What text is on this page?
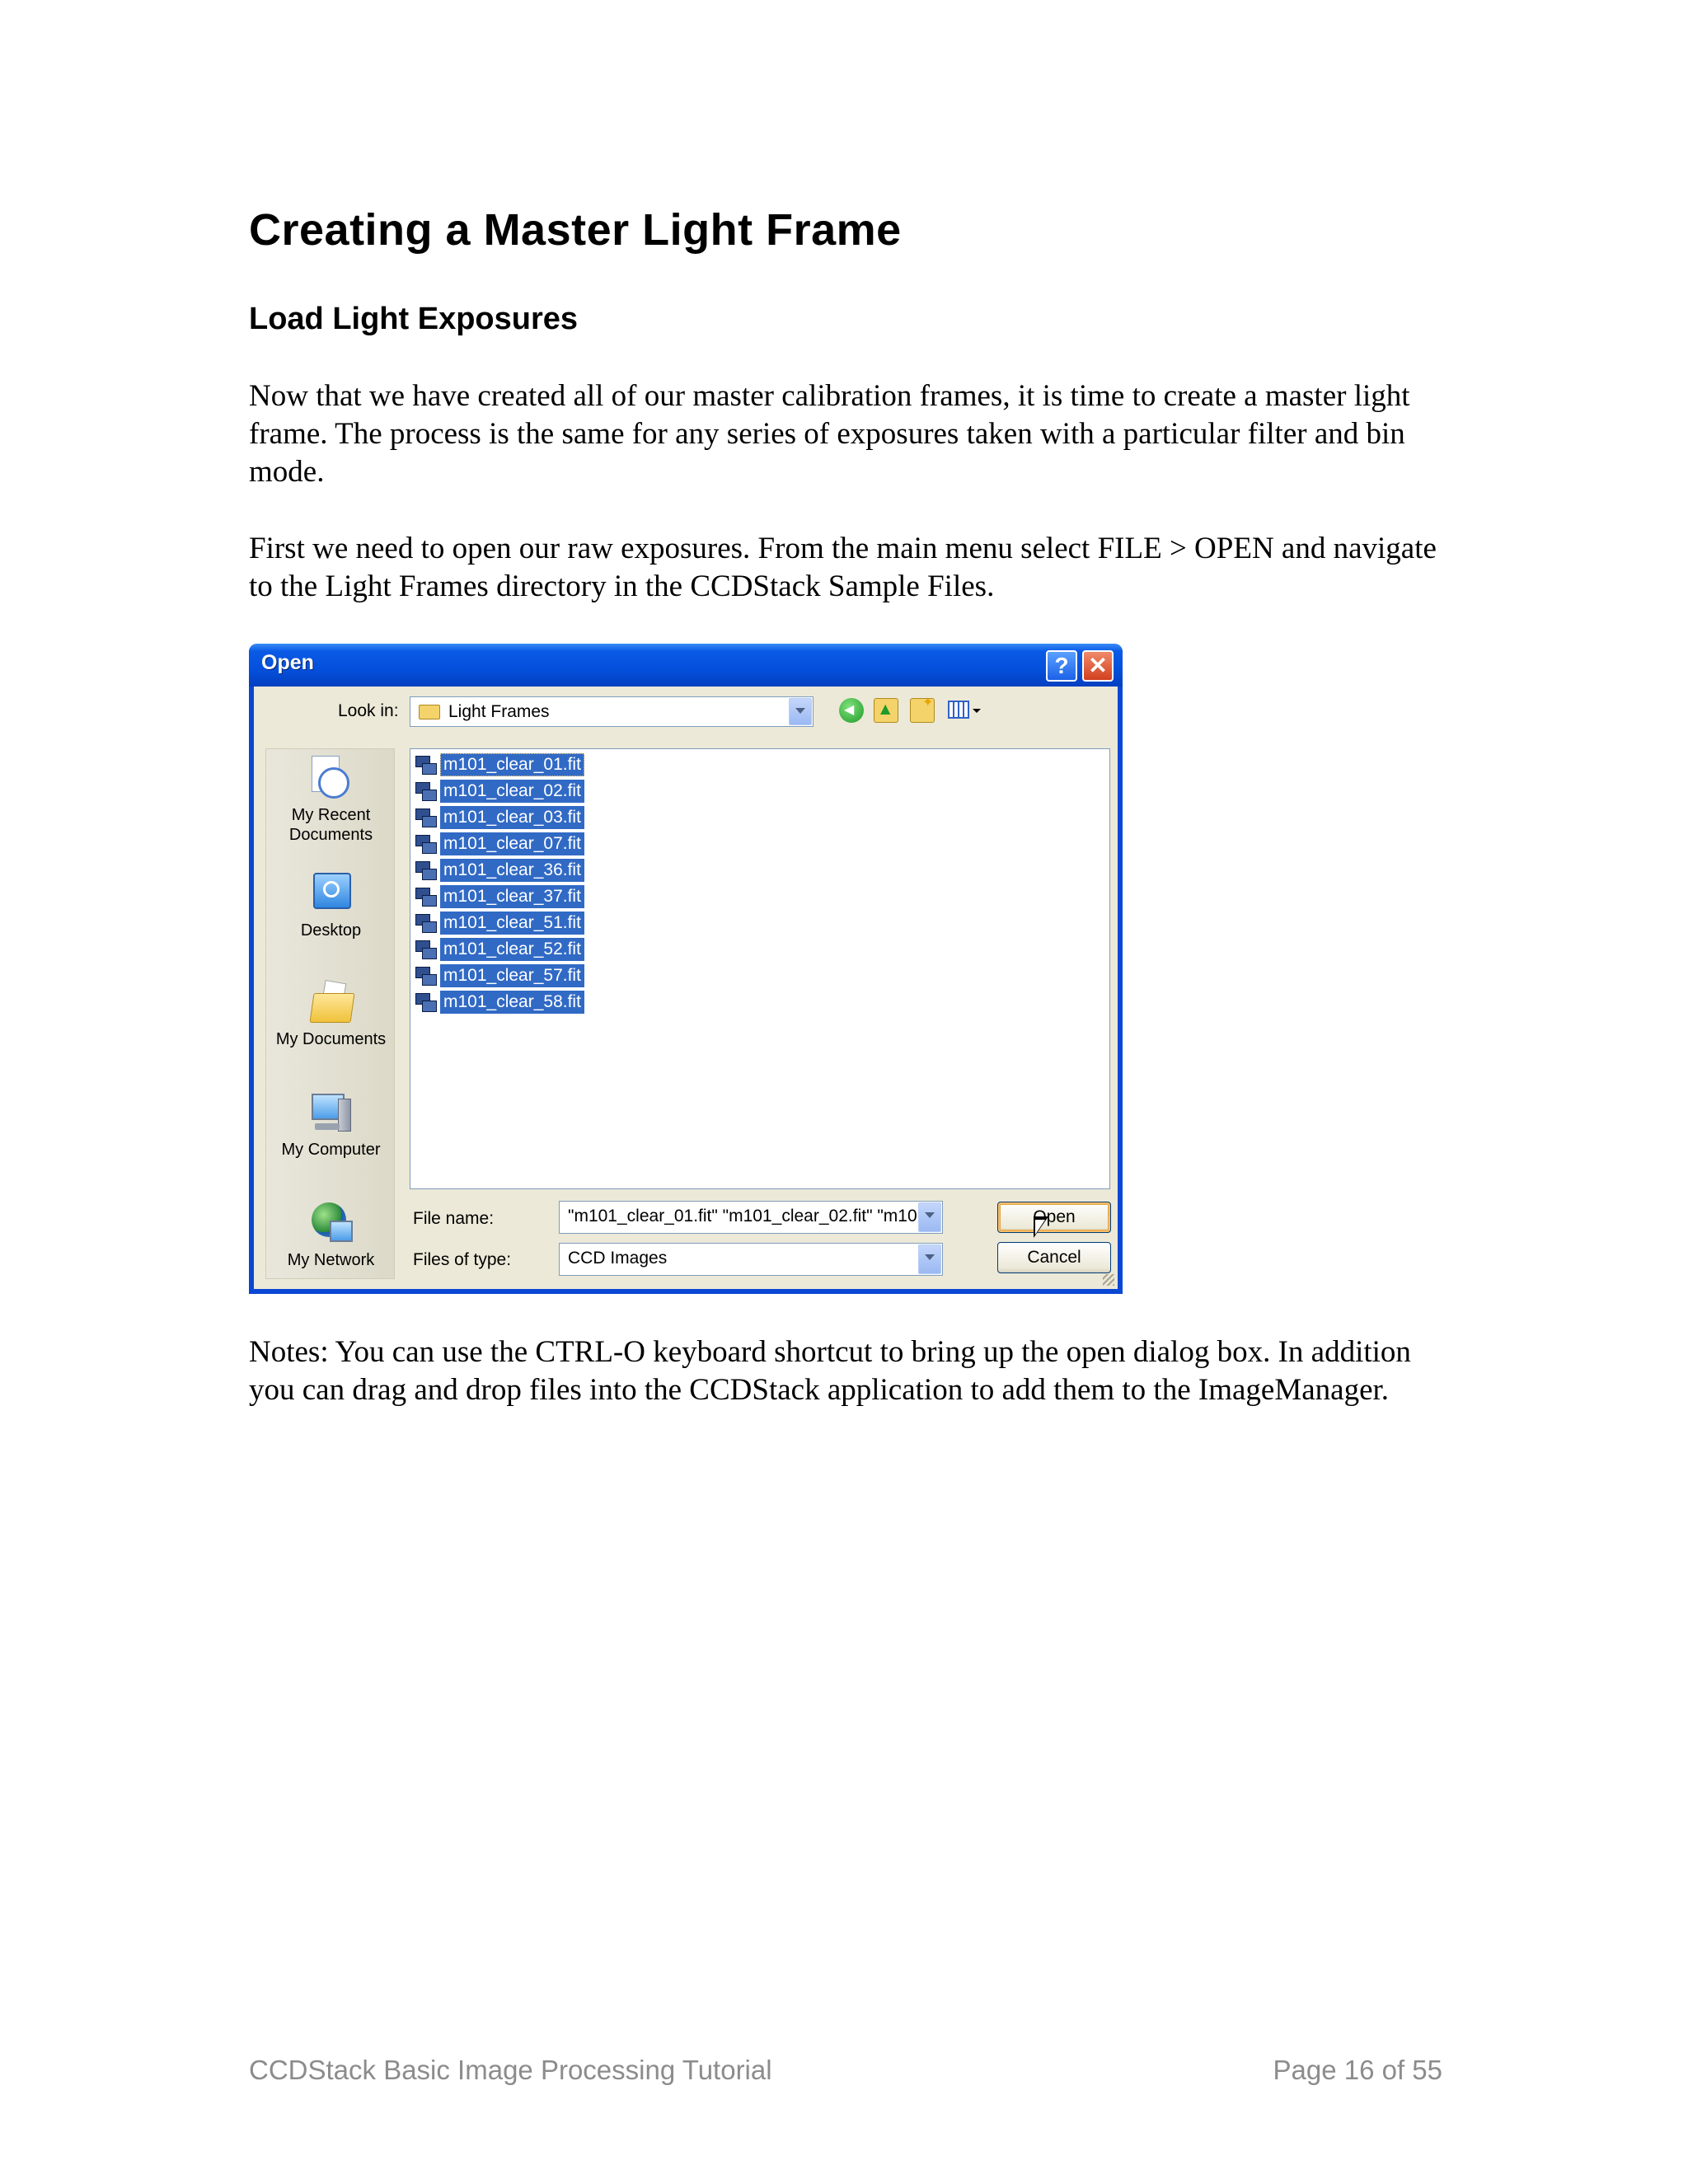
Creating a Master Light Frame
Load Light Exposures

Now that we have created all of our master calibration frames, it is time to create a master light frame. The process is the same for any series of exposures taken with a particular filter and bin mode.

First we need to open our raw exposures. From the main menu select FILE > OPEN and navigate to the Light Frames directory in the CCDStack Sample Files.

Open	? ✕
Look in:	Light Frames
◀
▲
✦
My Recent Documents
Desktop
My Documents
My Computer
My Network
m101_clear_01.fit
m101_clear_02.fit
m101_clear_03.fit
m101_clear_07.fit
m101_clear_36.fit
m101_clear_37.fit
m101_clear_51.fit
m101_clear_52.fit
m101_clear_57.fit
m101_clear_58.fit
File name:	"m101_clear_01.fit" "m101_clear_02.fit" "m10
Files of type:	CCD Images
Open
Cancel

Notes: You can use the CTRL-O keyboard shortcut to bring up the open dialog box. In addition you can drag and drop files into the CCDStack application to add them to the ImageManager.

CCDStack Basic Image Processing Tutorial	Page 16 of 55
